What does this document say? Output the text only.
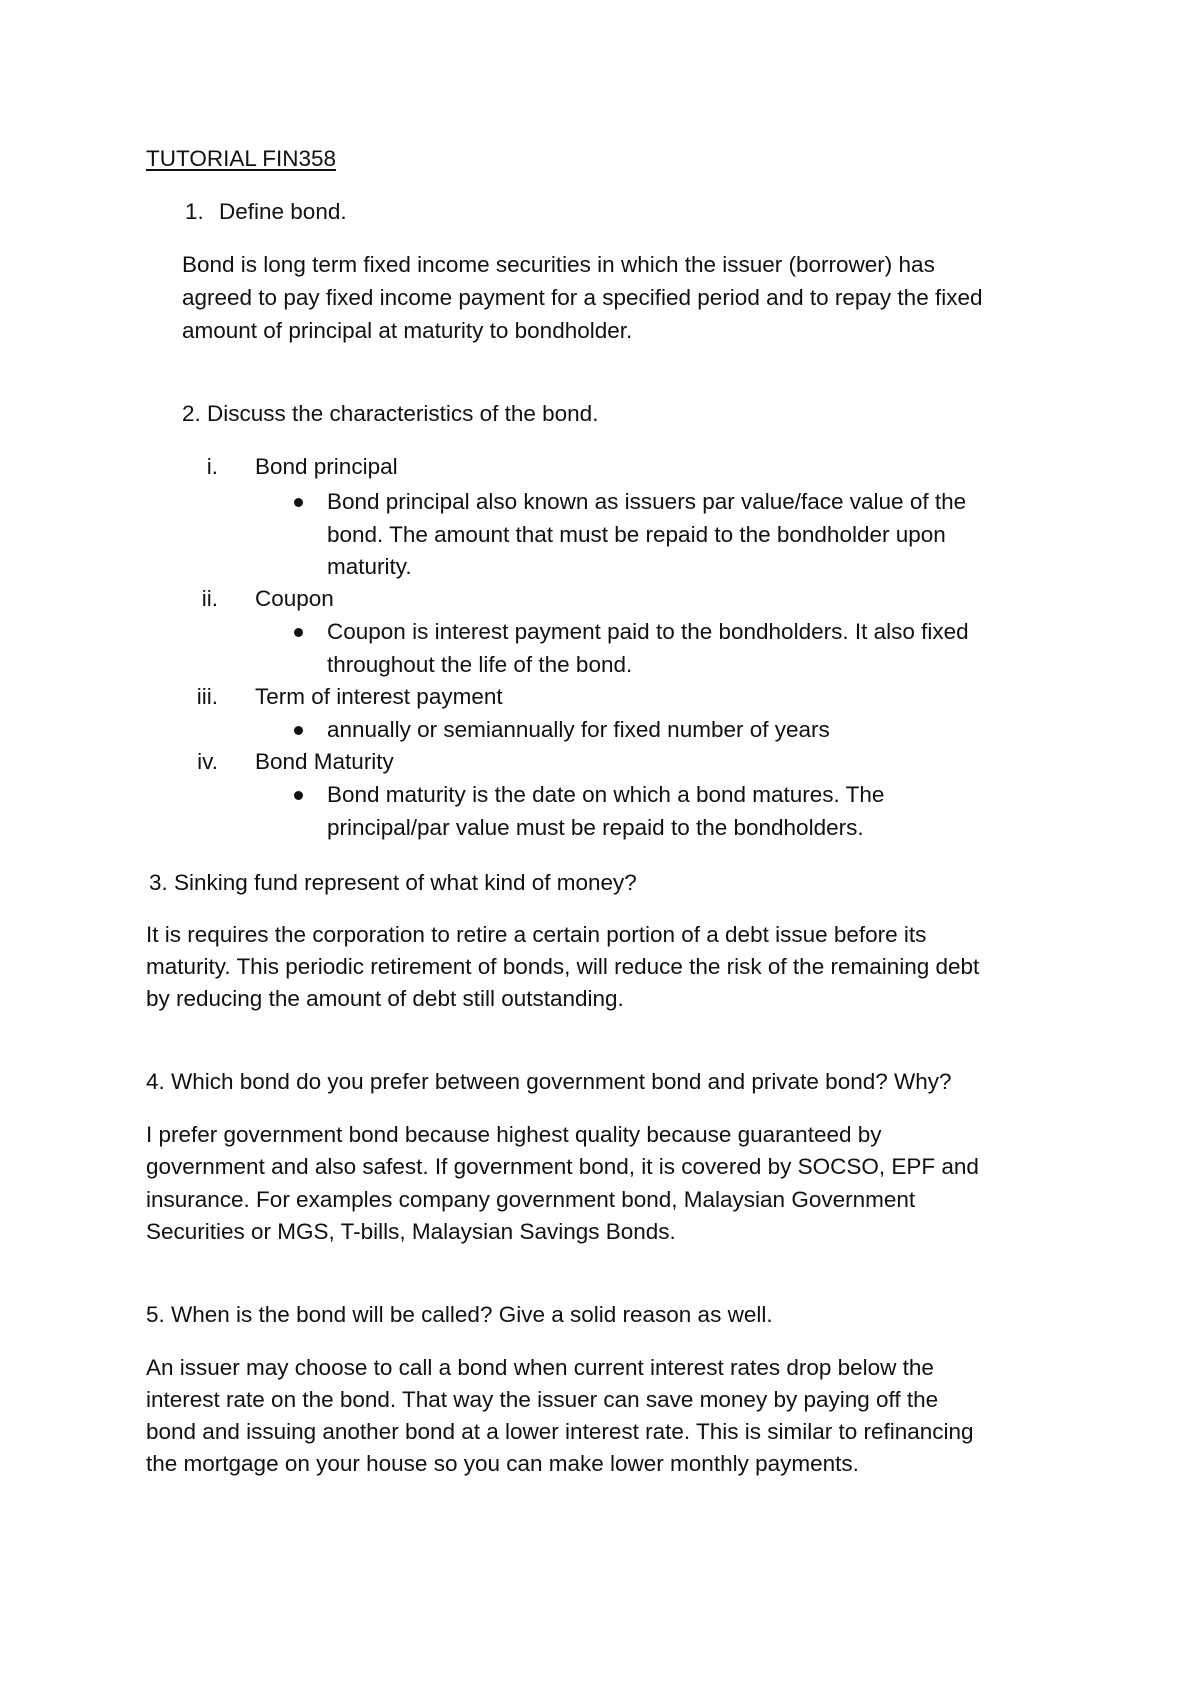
TUTORIAL FIN358
1. Define bond.
Bond is long term fixed income securities in which the issuer (borrower) has
agreed to pay fixed income payment for a specified period and to repay the fixed
amount of principal at maturity to bondholder.
2. Discuss the characteristics of the bond.
i. Bond principal
Bond principal also known as issuers par value/face value of the
bond. The amount that must be repaid to the bondholder upon
maturity.
ii. Coupon
Coupon is interest payment paid to the bondholders. It also fixed
throughout the life of the bond.
iii. Term of interest payment
annually or semiannually for fixed number of years
iv. Bond Maturity
Bond maturity is the date on which a bond matures. The
principal/par value must be repaid to the bondholders.
3. Sinking fund represent of what kind of money?
It is requires the corporation to retire a certain portion of a debt issue before its
maturity. This periodic retirement of bonds, will reduce the risk of the remaining debt
by reducing the amount of debt still outstanding.
4. Which bond do you prefer between government bond and private bond? Why?
I prefer government bond because highest quality because guaranteed by
government and also safest. If government bond, it is covered by SOCSO, EPF and
insurance. For examples company government bond, Malaysian Government
Securities or MGS, T-bills, Malaysian Savings Bonds.
5. When is the bond will be called? Give a solid reason as well.
An issuer may choose to call a bond when current interest rates drop below the
interest rate on the bond. That way the issuer can save money by paying off the
bond and issuing another bond at a lower interest rate. This is similar to refinancing
the mortgage on your house so you can make lower monthly payments.
